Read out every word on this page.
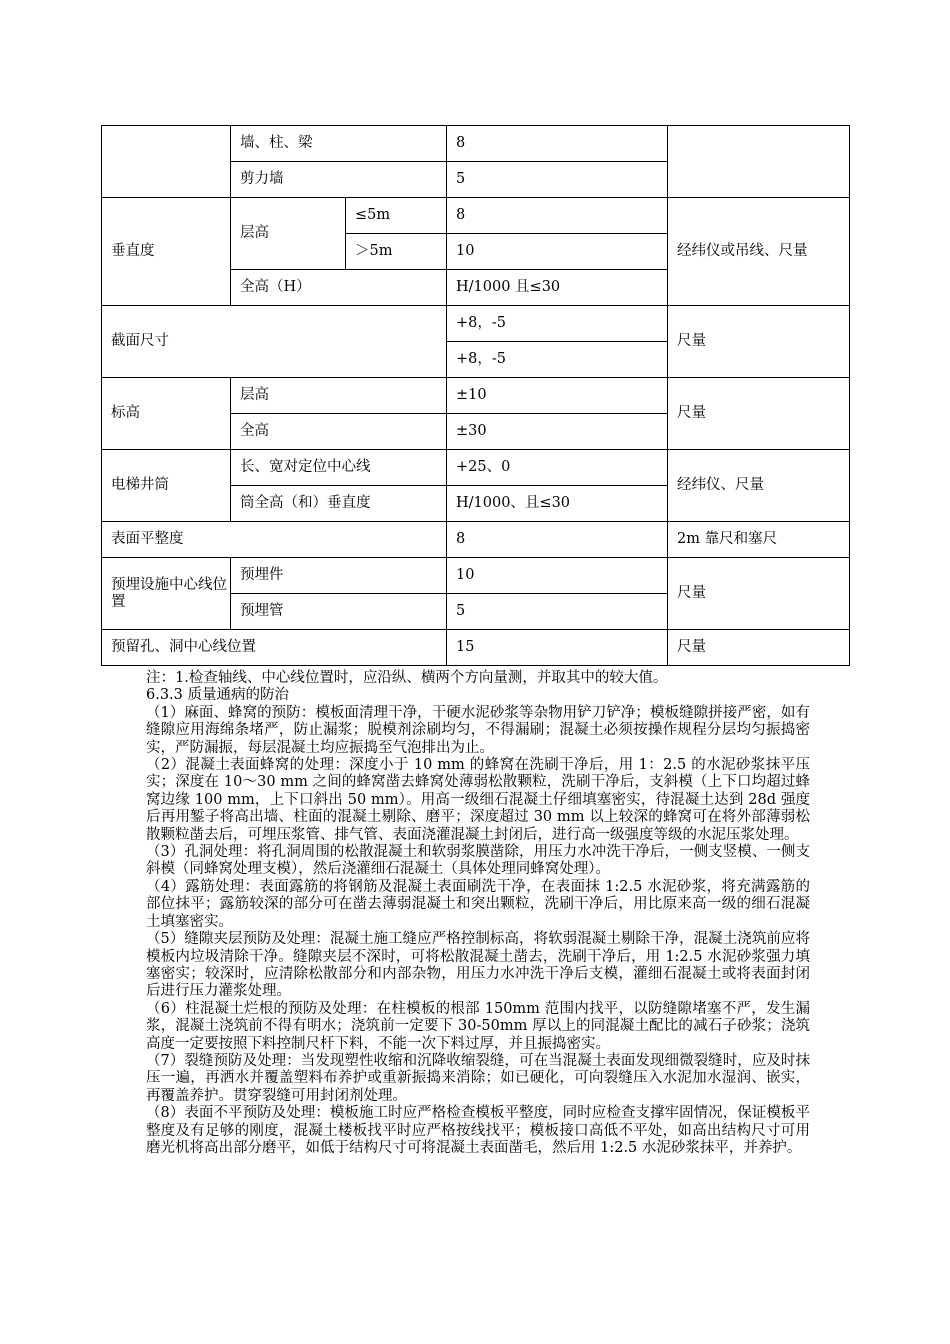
	墙、柱、梁		8	
	剪力墙		5	
垂直度	层高	≤5m	8	经纬仪或吊线、尺量
		＞5m	10	
	全高（H）		H/1000 且≤30	
截面尺寸			+8，-5	尺量
			+8，-5	
标高	层高		±10	尺量
	全高		±30	
电梯井筒	长、宽对定位中心线		+25、0	经纬仪、尺量
	筒全高（和）垂直度		H/1000、且≤30	
表面平整度			8	2m 靠尺和塞尺
预埋设施中心线位置	预埋件		10	尺量
	预埋管		5	
预留孔、洞中心线位置			15	尺量

注：1.检查轴线、中心线位置时，应沿纵、横两个方向量测，并取其中的较大值。

6.3.3 质量通病的防治

（1）麻面、蜂窝的预防：模板面清理干净，干硬水泥砂浆等杂物用铲刀铲净；模板缝隙拼接严密，如有缝隙应用海绵条堵严，防止漏浆；脱模剂涂刷均匀，不得漏刷；混凝土必须按操作规程分层均匀振捣密实，严防漏振，每层混凝土均应振捣至气泡排出为止。

（2）混凝土表面蜂窝的处理：深度小于 10 mm 的蜂窝在洗刷干净后，用 1：2.5 的水泥砂浆抹平压实；深度在 10～30 mm 之间的蜂窝凿去蜂窝处薄弱松散颗粒，洗刷干净后，支斜模（上下口均超过蜂窝边缘 100 mm，上下口斜出 50 mm）。用高一级细石混凝土仔细填塞密实，待混凝土达到 28d 强度后再用錾子将高出墙、柱面的混凝土剔除、磨平；深度超过 30 mm 以上较深的蜂窝可在将外部薄弱松散颗粒凿去后，可埋压浆管、排气管、表面浇灌混凝土封闭后，进行高一级强度等级的水泥压浆处理。

（3）孔洞处理：将孔洞周围的松散混凝土和软弱浆膜凿除，用压力水冲洗干净后，一侧支竖模、一侧支斜模（同蜂窝处理支模），然后浇灌细石混凝土（具体处理同蜂窝处理）。

（4）露筋处理：表面露筋的将钢筋及混凝土表面刷洗干净，在表面抹 1:2.5 水泥砂浆，将充满露筋的部位抹平；露筋较深的部分可在凿去薄弱混凝土和突出颗粒，洗刷干净后，用比原来高一级的细石混凝土填塞密实。

（5）缝隙夹层预防及处理：混凝土施工缝应严格控制标高，将软弱混凝土剔除干净，混凝土浇筑前应将模板内垃圾清除干净。缝隙夹层不深时，可将松散混凝土凿去，洗刷干净后，用 1:2.5 水泥砂浆强力填塞密实；较深时，应清除松散部分和内部杂物，用压力水冲洗干净后支模，灌细石混凝土或将表面封闭后进行压力灌浆处理。

（6）柱混凝土烂根的预防及处理：在柱模板的根部 150mm 范围内找平，以防缝隙堵塞不严，发生漏浆，混凝土浇筑前不得有明水；浇筑前一定要下 30-50mm 厚以上的同混凝土配比的减石子砂浆；浇筑高度一定要按照下料控制尺杆下料，不能一次下料过厚，并且振捣密实。

（7）裂缝预防及处理：当发现塑性收缩和沉降收缩裂缝，可在当混凝土表面发现细微裂缝时，应及时抹压一遍，再洒水并覆盖塑料布养护或重新振捣来消除；如已硬化，可向裂缝压入水泥加水湿润、嵌实，再覆盖养护。贯穿裂缝可用封闭剂处理。

（8）表面不平预防及处理：模板施工时应严格检查模板平整度，同时应检查支撑牢固情况，保证模板平整度及有足够的刚度，混凝土楼板找平时应严格按线找平；模板接口高低不平处，如高出结构尺寸可用磨光机将高出部分磨平，如低于结构尺寸可将混凝土表面凿毛，然后用 1:2.5 水泥砂浆抹平，并养护。
